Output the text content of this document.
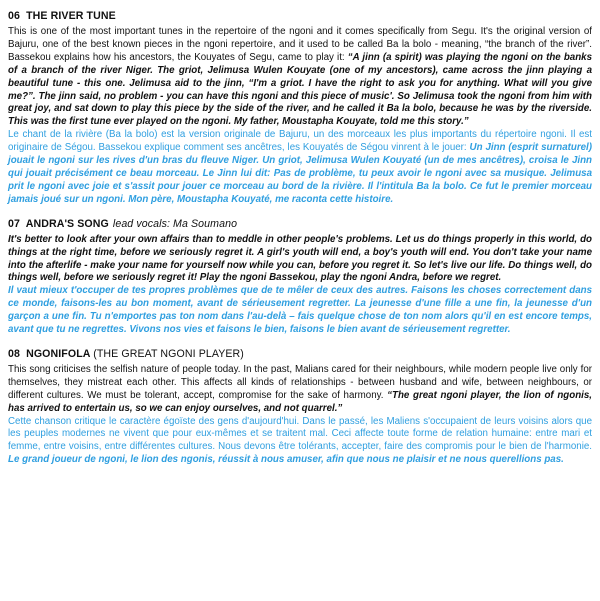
06 THE RIVER TUNE

This is one of the most important tunes in the repertoire of the ngoni and it comes specifically from Segu. It's the original version of Bajuru, one of the best known pieces in the ngoni repertoire, and it used to be called Ba la bolo - meaning, “the branch of the river”. Bassekou explains how his ancestors, the Kouyates of Segu, came to play it: “A jinn (a spirit) was playing the ngoni on the banks of a branch of the river Niger. The griot, Jelimusa Wulen Kouyate (one of my ancestors), came across the jinn playing a beautiful tune - this one. Jelimusa aid to the jinn, “I'm a griot. I have the right to ask you for anything. What will you give me?”. The jinn said, no problem - you can have this ngoni and this piece of music'. So Jelimusa took the ngoni from him with great joy, and sat down to play this piece by the side of the river, and he called it Ba la bolo, because he was by the riverside. This was the first tune ever played on the ngoni. My father, Moustapha Kouyate, told me this story.”

Le chant de la rivière (Ba la bolo) est la version originale de Bajuru, un des morceaux les plus importants du répertoire ngoni. Il est originaire de Ségou. Bassekou explique comment ses ancêtres, les Kouyatés de Ségou vinrent à le jouer: Un Jinn (esprit surnaturel) jouait le ngoni sur les rives d'un bras du fleuve Niger. Un griot, Jelimusa Wulen Kouyaté (un de mes ancêtres), croisa le Jinn qui jouait précisément ce beau morceau. Le Jinn lui dit: Pas de problème, tu peux avoir le ngoni avec sa musique. Jelimusa prit le ngoni avec joie et s'assit pour jouer ce morceau au bord de la rivière. Il l'intitula Ba la bolo. Ce fut le premier morceau jamais joué sur un ngoni. Mon père, Moustapha Kouyaté, me raconta cette histoire.

07 ANDRA'S SONG lead vocals: Ma Soumano

It's better to look after your own affairs than to meddle in other people's problems. Let us do things properly in this world, do things at the right time, before we seriously regret it. A girl's youth will end, a boy's youth will end. You don't take your name into the afterlife - make your name for yourself now while you can, before you regret it. So let's live our life. Do things well, do things well, before we seriously regret it! Play the ngoni Bassekou, play the ngoni Andra, before we regret.

Il vaut mieux t'occuper de tes propres problèmes que de te mêler de ceux des autres. Faisons les choses correctement dans ce monde, faisons-les au bon moment, avant de sérieusement regretter. La jeunesse d'une fille a une fin, la jeunesse d'un garçon a une fin. Tu n'emportes pas ton nom dans l'au-delà – fais quelque chose de ton nom alors qu'il en est encore temps, avant que tu ne regrettes. Vivons nos vies et faisons le bien, faisons le bien avant de sérieusement regretter.

08 NGONIFOLA (THE GREAT NGONI PLAYER)

This song criticises the selfish nature of people today. In the past, Malians cared for their neighbours, while modern people live only for themselves, they mistreat each other. This affects all kinds of relationships - between husband and wife, between neighbours, or different cultures. We must be tolerant, accept, compromise for the sake of harmony. “The great ngoni player, the lion of ngonis, has arrived to entertain us, so we can enjoy ourselves, and not quarrel.”

Cette chanson critique le caractère égoïste des gens d'aujourd'hui. Dans le passé, les Maliens s'occupaient de leurs voisins alors que les peuples modernes ne vivent que pour eux-mêmes et se traitent mal. Ceci affecte toute forme de relation humaine: entre mari et femme, entre voisins, entre différentes cultures. Nous devons être tolérants, accepter, faire des compromis pour le bien de l'harmonie. Le grand joueur de ngoni, le lion des ngonis, réussit à nous amuser, afin que nous ne plaisir et ne nous querellions pas.
